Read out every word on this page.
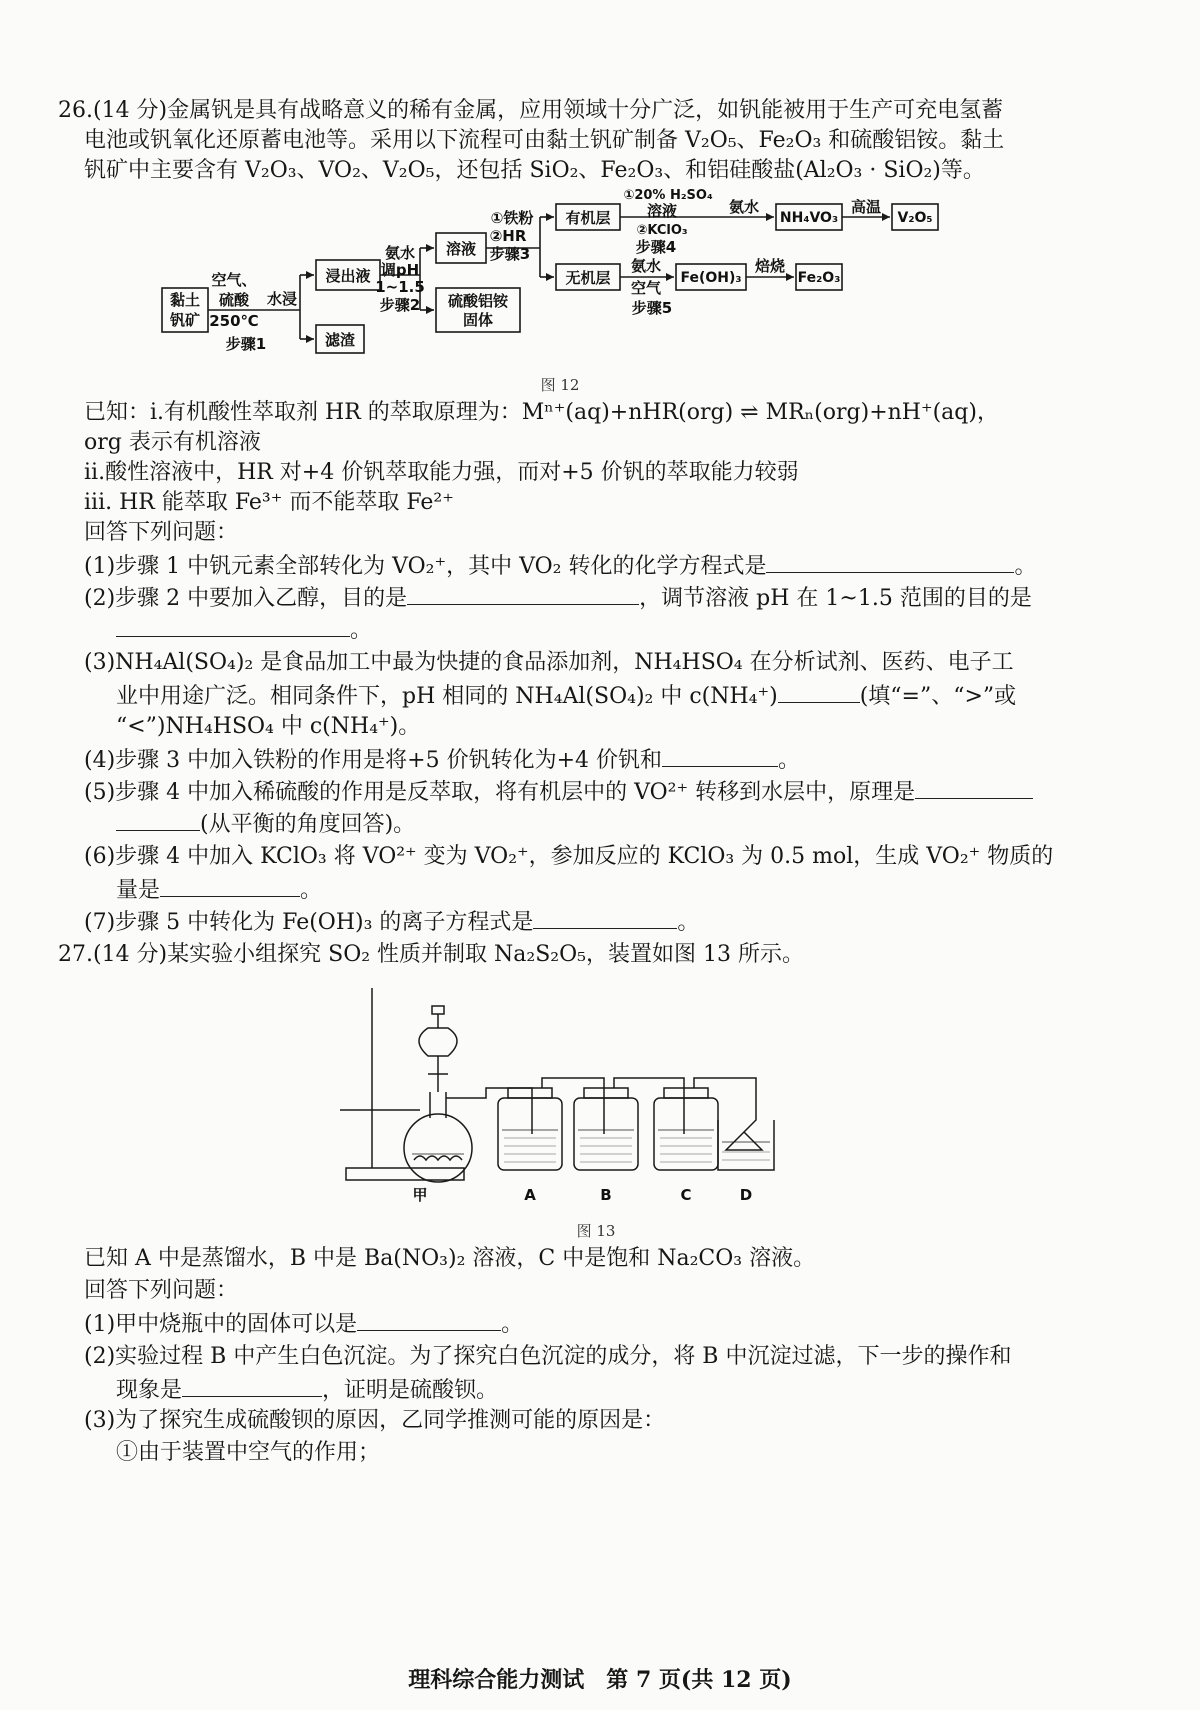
26.(14 分)金属钒是具有战略意义的稀有金属，应用领域十分广泛，如钒能被用于生产可充电氢蓄
电池或钒氧化还原蓄电池等。采用以下流程可由黏土钒矿制备 V₂O₅、Fe₂O₃ 和硫酸铝铵。黏土
钒矿中主要含有 V₂O₃、VO₂、V₂O₅，还包括 SiO₂、Fe₂O₃、和铝硅酸盐(Al₂O₃ · SiO₂)等。
黏土
钒矿
空气、
硫酸
250℃
步骤1
水浸
浸出液
滤渣
氨水
调pH
1~1.5
步骤2
溶液
硫酸铝铵
固体
①铁粉
②HR
步骤3
有机层
无机层
①20% H₂SO₄
溶液
②KClO₃
步骤4
氨水
NH₄VO₃
高温
V₂O₅
氨水
空气
步骤5
Fe(OH)₃
焙烧
Fe₂O₃
图 12
已知：ⅰ.有机酸性萃取剂 HR 的萃取原理为：Mⁿ⁺(aq)+nHR(org) ⇌ MRₙ(org)+nH⁺(aq)，
org 表示有机溶液
ⅱ.酸性溶液中，HR 对+4 价钒萃取能力强，而对+5 价钒的萃取能力较弱
iii. HR 能萃取 Fe³⁺ 而不能萃取 Fe²⁺
回答下列问题：
(1)步骤 1 中钒元素全部转化为 VO₂⁺，其中 VO₂ 转化的化学方程式是	。
(2)步骤 2 中要加入乙醇，目的是	，调节溶液 pH 在 1~1.5 范围的目的是
。
(3)NH₄Al(SO₄)₂ 是食品加工中最为快捷的食品添加剂，NH₄HSO₄ 在分析试剂、医药、电子工
业中用途广泛。相同条件下，pH 相同的 NH₄Al(SO₄)₂ 中 c(NH₄⁺)	(填“=”、“>”或
“<”)NH₄HSO₄ 中 c(NH₄⁺)。
(4)步骤 3 中加入铁粉的作用是将+5 价钒转化为+4 价钒和	。
(5)步骤 4 中加入稀硫酸的作用是反萃取，将有机层中的 VO²⁺ 转移到水层中，原理是
(从平衡的角度回答)。
(6)步骤 4 中加入 KClO₃ 将 VO²⁺ 变为 VO₂⁺，参加反应的 KClO₃ 为 0.5 mol，生成 VO₂⁺ 物质的
量是	。
(7)步骤 5 中转化为 Fe(OH)₃ 的离子方程式是	。
27.(14 分)某实验小组探究 SO₂ 性质并制取 Na₂S₂O₅，装置如图 13 所示。
甲	A	B	C	D
图 13
已知 A 中是蒸馏水，B 中是 Ba(NO₃)₂ 溶液，C 中是饱和 Na₂CO₃ 溶液。
回答下列问题：
(1)甲中烧瓶中的固体可以是	。
(2)实验过程 B 中产生白色沉淀。为了探究白色沉淀的成分，将 B 中沉淀过滤，下一步的操作和
现象是	，证明是硫酸钡。
(3)为了探究生成硫酸钡的原因，乙同学推测可能的原因是：
①由于装置中空气的作用；
理科综合能力测试　第 7 页(共 12 页)
